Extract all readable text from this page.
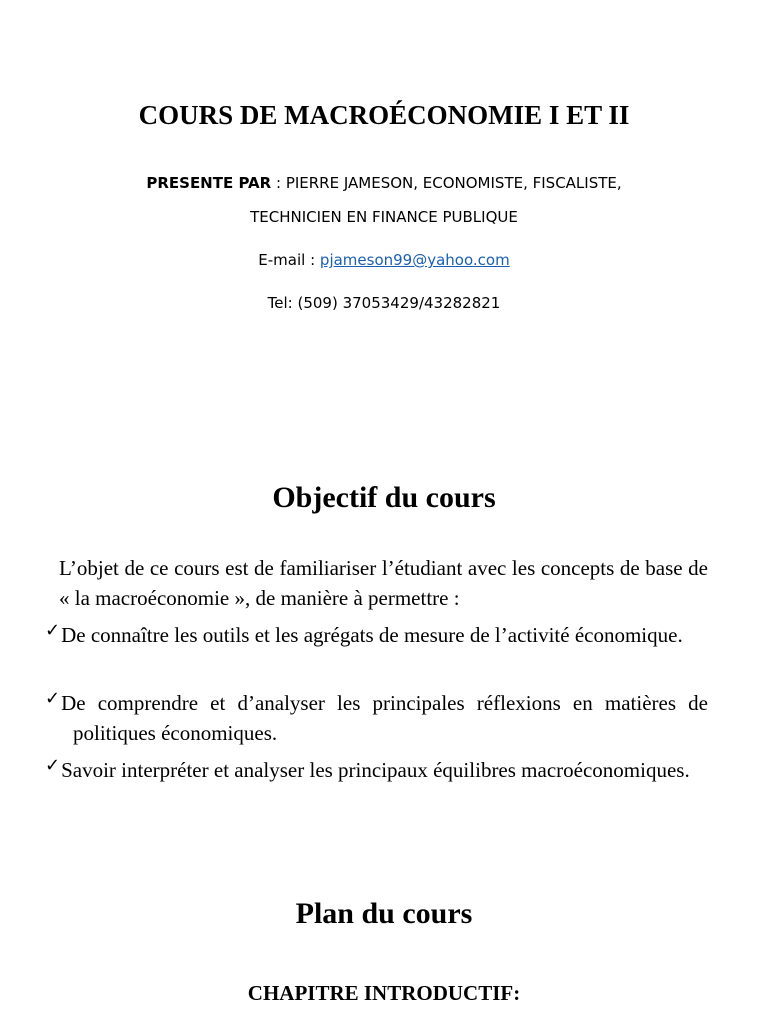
COURS DE MACROÉCONOMIE I ET II

PRESENTE PAR : PIERRE JAMESON, ECONOMISTE, FISCALISTE,

TECHNICIEN EN FINANCE PUBLIQUE

E-mail : pjameson99@yahoo.com

Tel: (509) 37053429/43282821

Objectif du cours

L’objet de ce cours est de familiariser l’étudiant avec les concepts de base de « la macroéconomie », de manière à permettre :

✓De connaître les outils et les agrégats de mesure de l’activité économique.

✓De comprendre et d’analyser les principales réflexions en matières de politiques économiques.

✓Savoir interpréter et analyser les principaux équilibres macroéconomiques.

Plan du cours

CHAPITRE INTRODUCTIF:
